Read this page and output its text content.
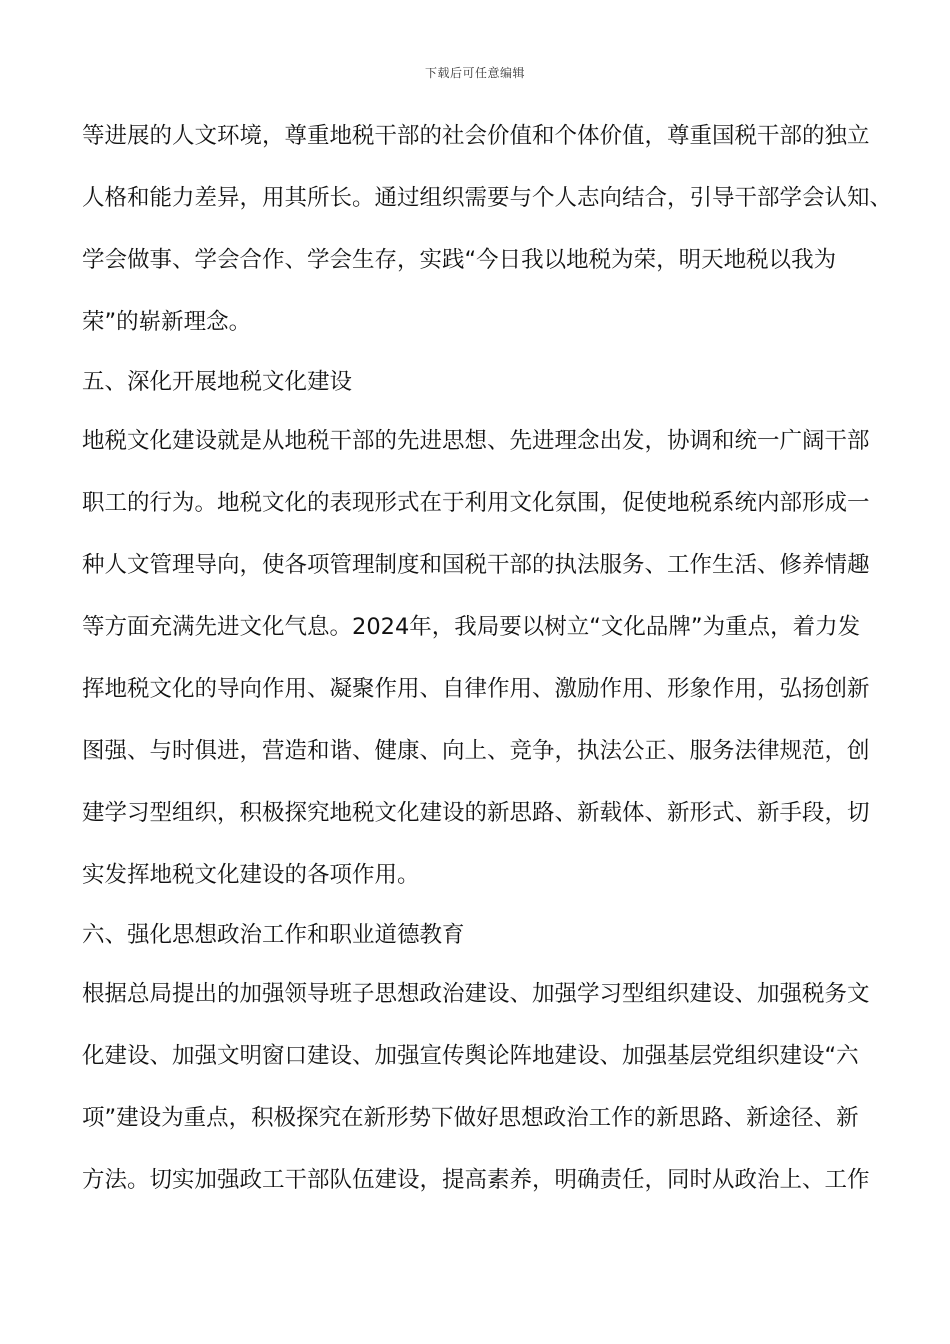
下载后可任意编辑
等进展的人文环境，尊重地税干部的社会价值和个体价值，尊重国税干部的独立
人格和能力差异，用其所长。通过组织需要与个人志向结合，引导干部学会认知、
学会做事、学会合作、学会生存，实践“今日我以地税为荣，明天地税以我为
荣”的崭新理念。
五、深化开展地税文化建设
地税文化建设就是从地税干部的先进思想、先进理念出发，协调和统一广阔干部
职工的行为。地税文化的表现形式在于利用文化氛围，促使地税系统内部形成一
种人文管理导向，使各项管理制度和国税干部的执法服务、工作生活、修养情趣
等方面充满先进文化气息。2024年，我局要以树立“文化品牌”为重点，着力发
挥地税文化的导向作用、凝聚作用、自律作用、激励作用、形象作用，弘扬创新
图强、与时俱进，营造和谐、健康、向上、竞争，执法公正、服务法律规范，创
建学习型组织，积极探究地税文化建设的新思路、新载体、新形式、新手段，切
实发挥地税文化建设的各项作用。
六、强化思想政治工作和职业道德教育
根据总局提出的加强领导班子思想政治建设、加强学习型组织建设、加强税务文
化建设、加强文明窗口建设、加强宣传舆论阵地建设、加强基层党组织建设“六
项”建设为重点，积极探究在新形势下做好思想政治工作的新思路、新途径、新
方法。切实加强政工干部队伍建设，提高素养，明确责任，同时从政治上、工作
